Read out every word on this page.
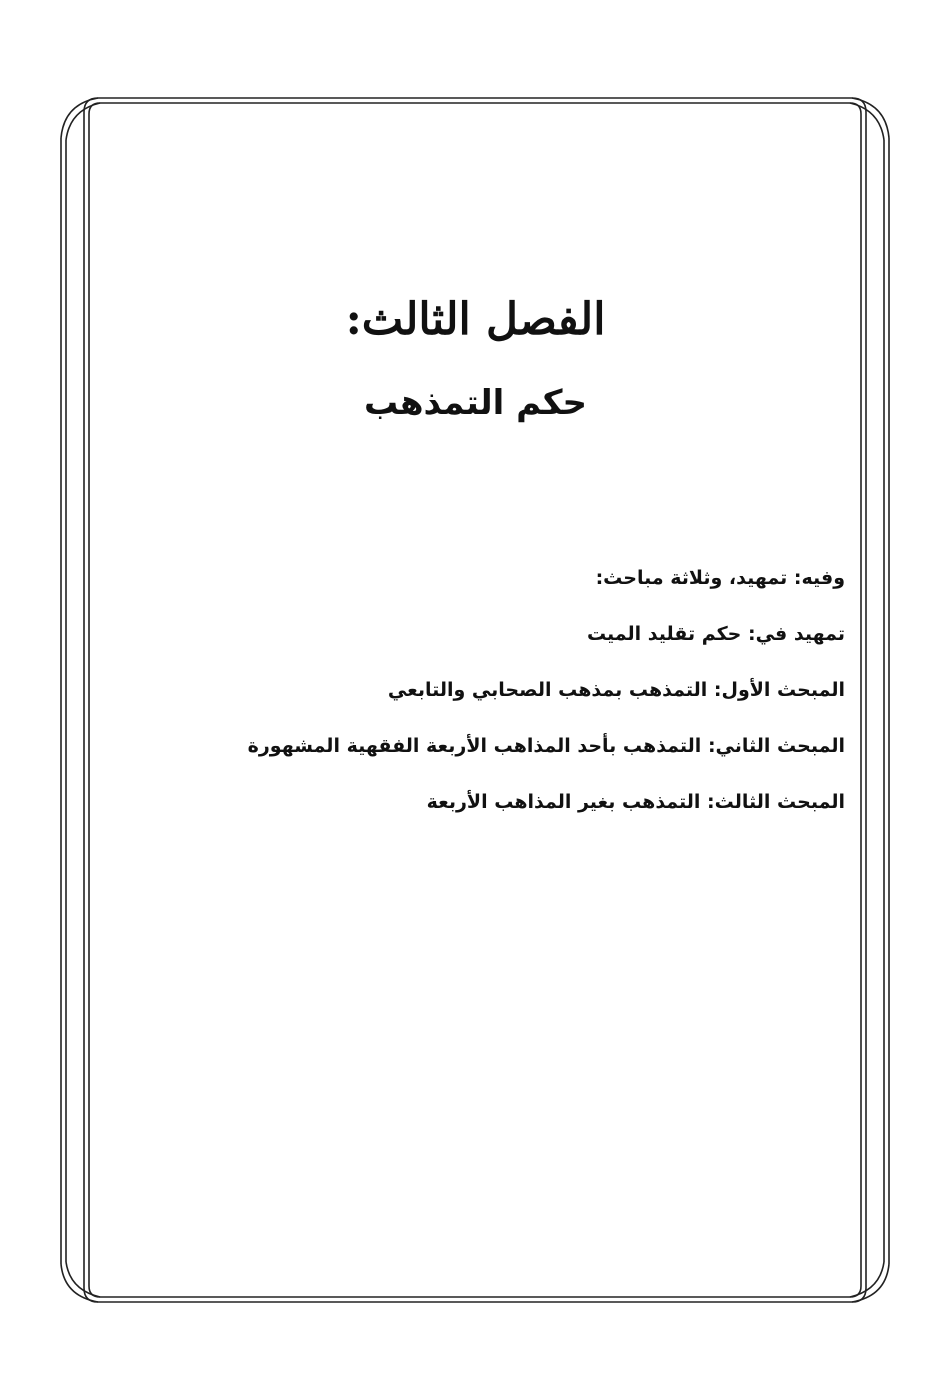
الفصل الثالث:
حكم التمذهب
وفيه: تمهيد، وثلاثة مباحث:
تمهيد في: حكم تقليد الميت
المبحث الأول: التمذهب بمذهب الصحابي والتابعي
المبحث الثاني: التمذهب بأحد المذاهب الأربعة الفقهية المشهورة
المبحث الثالث: التمذهب بغير المذاهب الأربعة
